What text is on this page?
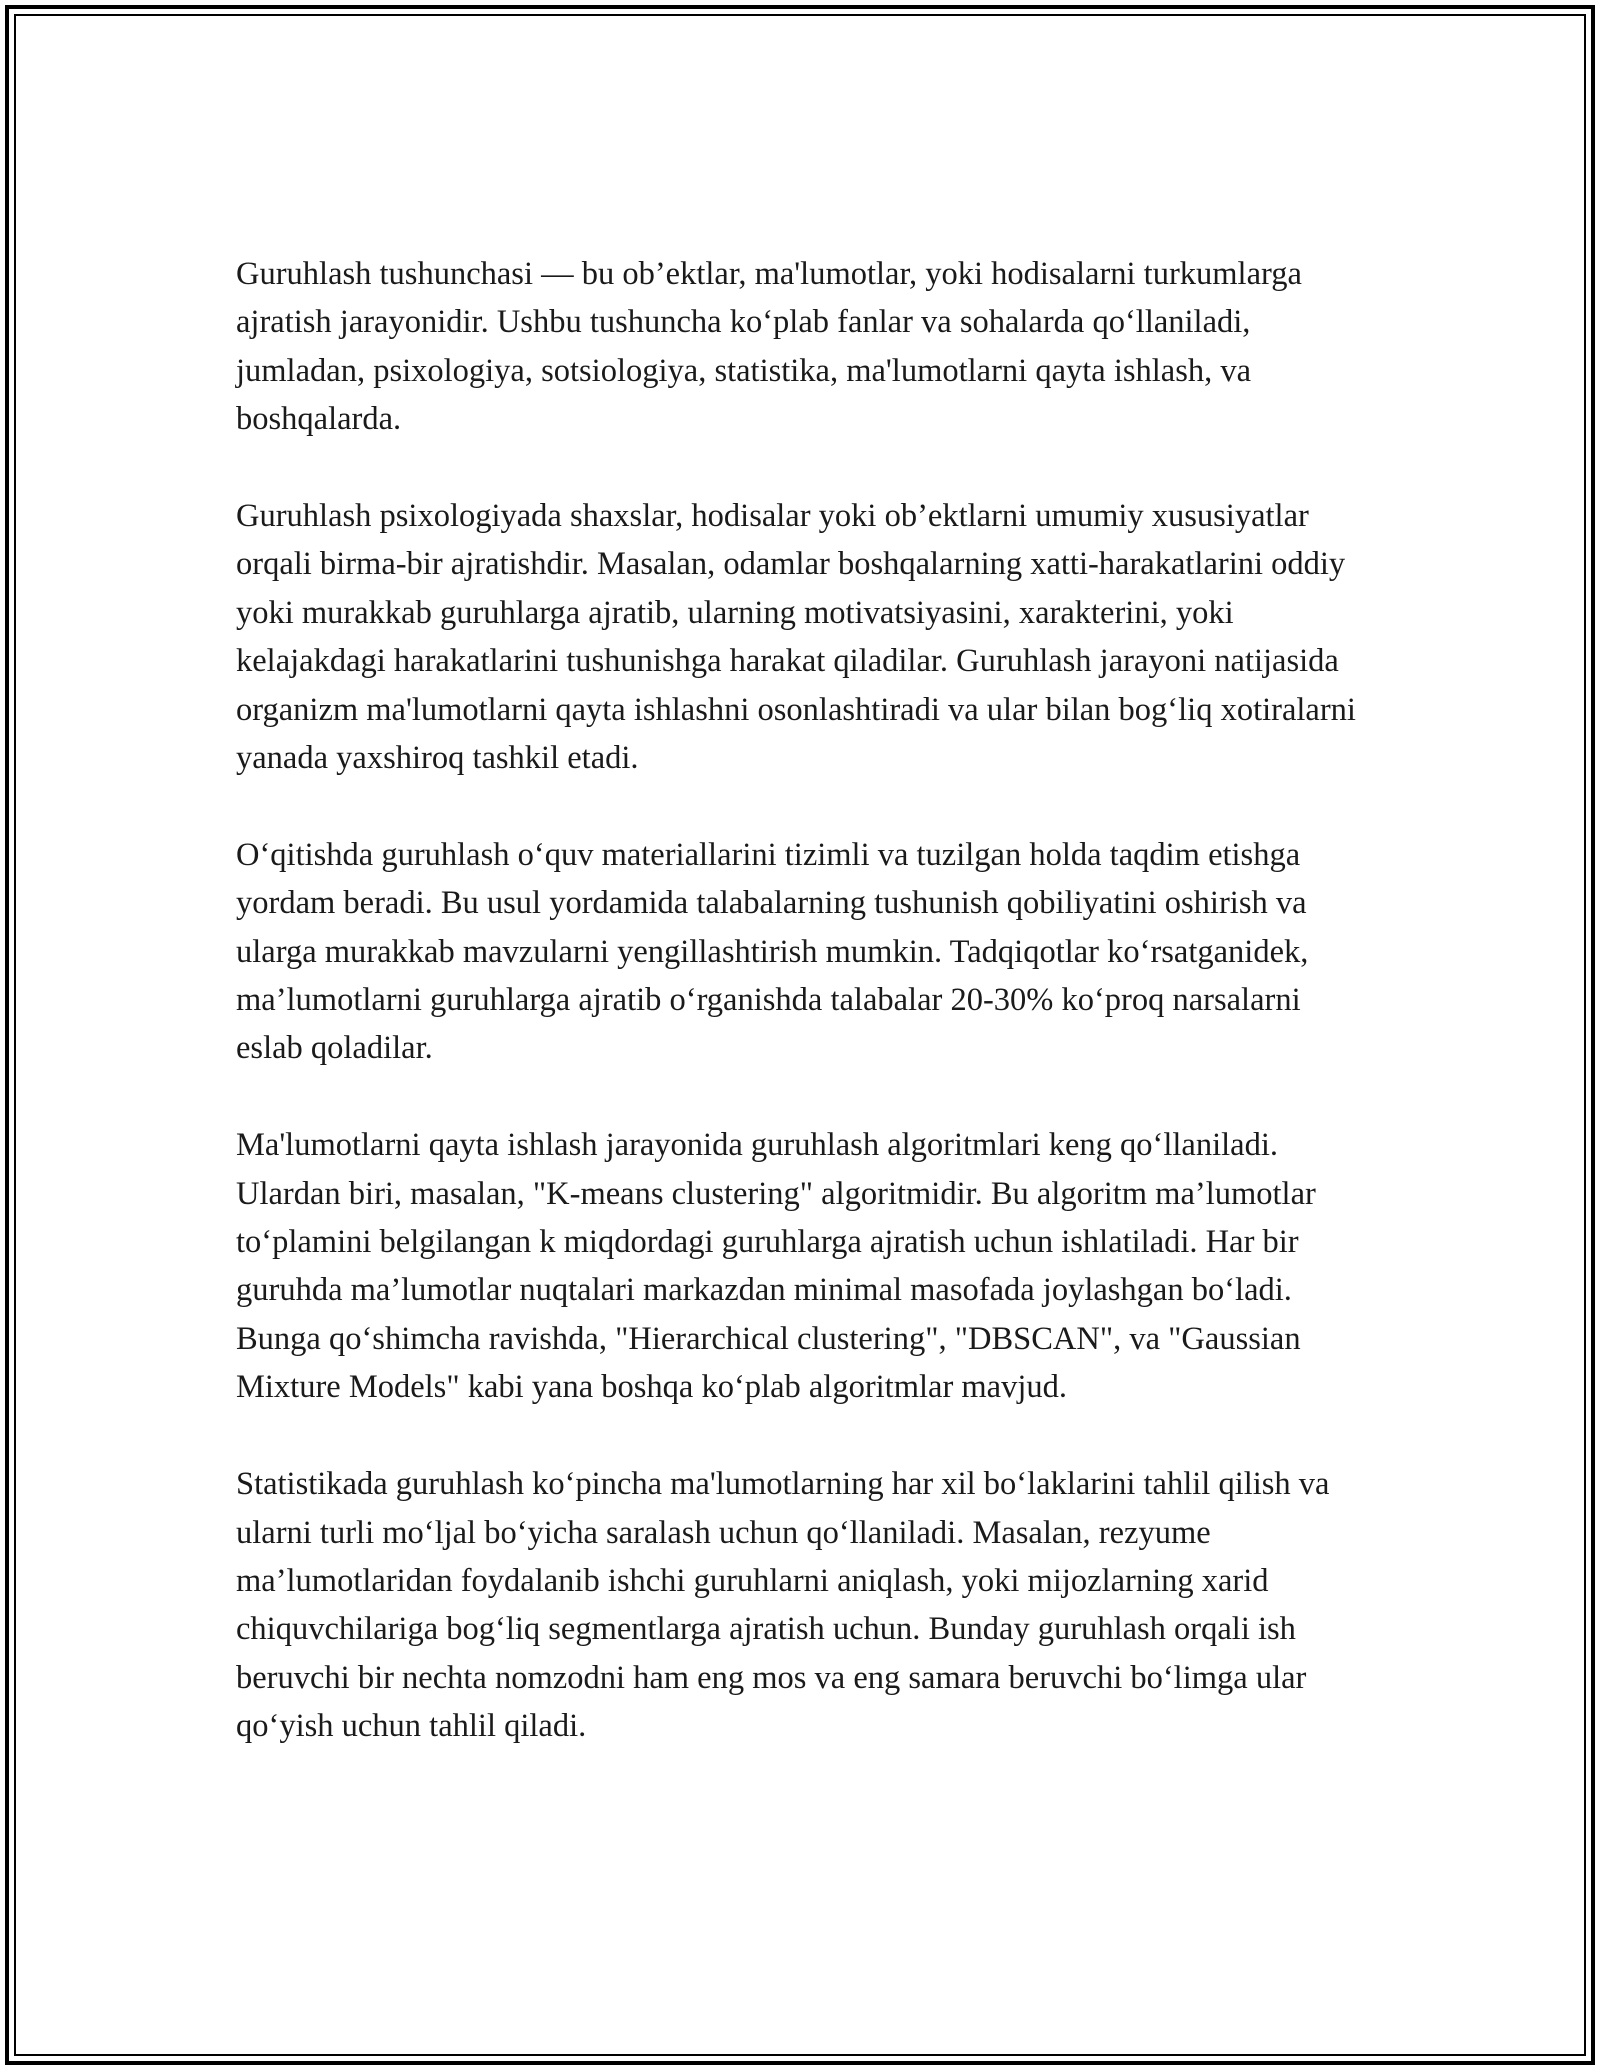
Guruhlash tushunchasi — bu ob’ektlar, ma'lumotlar, yoki hodisalarni turkumlarga ajratish jarayonidir. Ushbu tushuncha ko‘plab fanlar va sohalarda qo‘llaniladi, jumladan, psixologiya, sotsiologiya, statistika, ma'lumotlarni qayta ishlash, va boshqalarda.

Guruhlash psixologiyada shaxslar, hodisalar yoki ob’ektlarni umumiy xususiyatlar orqali birma-bir ajratishdir. Masalan, odamlar boshqalarning xatti-harakatlarini oddiy yoki murakkab guruhlarga ajratib, ularning motivatsiyasini, xarakterini, yoki kelajakdagi harakatlarini tushunishga harakat qiladilar. Guruhlash jarayoni natijasida organizm ma'lumotlarni qayta ishlashni osonlashtiradi va ular bilan bog‘liq xotiralarni yanada yaxshiroq tashkil etadi.

O‘qitishda guruhlash o‘quv materiallarini tizimli va tuzilgan holda taqdim etishga yordam beradi. Bu usul yordamida talabalarning tushunish qobiliyatini oshirish va ularga murakkab mavzularni yengillashtirish mumkin. Tadqiqotlar ko‘rsatganidek, ma’lumotlarni guruhlarga ajratib o‘rganishda talabalar 20-30% ko‘proq narsalarni eslab qoladilar.

Ma'lumotlarni qayta ishlash jarayonida guruhlash algoritmlari keng qo‘llaniladi. Ulardan biri, masalan, "K-means clustering" algoritmidir. Bu algoritm ma’lumotlar to‘plamini belgilangan k miqdordagi guruhlarga ajratish uchun ishlatiladi. Har bir guruhda ma’lumotlar nuqtalari markazdan minimal masofada joylashgan bo‘ladi. Bunga qo‘shimcha ravishda, "Hierarchical clustering", "DBSCAN", va "Gaussian Mixture Models" kabi yana boshqa ko‘plab algoritmlar mavjud.

Statistikada guruhlash ko‘pincha ma'lumotlarning har xil bo‘laklarini tahlil qilish va ularni turli mo‘ljal bo‘yicha saralash uchun qo‘llaniladi. Masalan, rezyume ma’lumotlaridan foydalanib ishchi guruhlarni aniqlash, yoki mijozlarning xarid chiquvchilariga bog‘liq segmentlarga ajratish uchun. Bunday guruhlash orqali ish beruvchi bir nechta nomzodni ham eng mos va eng samara beruvchi bo‘limga ular qo‘yish uchun tahlil qiladi.
